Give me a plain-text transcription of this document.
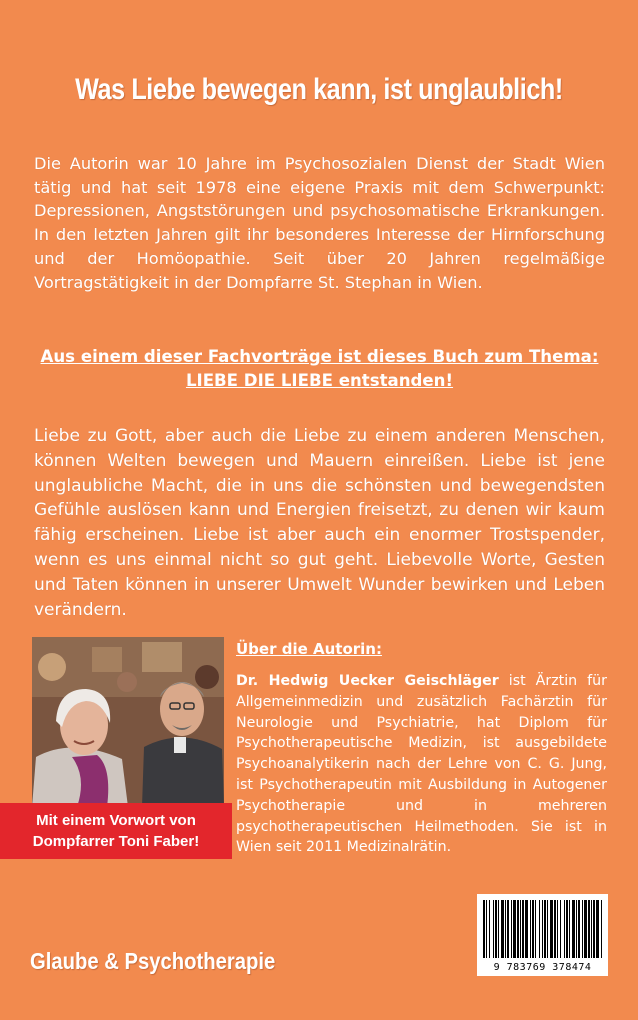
Was Liebe bewegen kann, ist unglaublich!

Die Autorin war 10 Jahre im Psychosozialen Dienst der Stadt Wien tätig und hat seit 1978 eine eigene Praxis mit dem Schwerpunkt: Depressionen, Angststörungen und psychosomatische Erkrankungen. In den letzten Jahren gilt ihr besonderes Interesse der Hirnforschung und der Homöopathie. Seit über 20 Jahren regelmäßige Vortragstätigkeit in der Dompfarre St. Stephan in Wien.

Aus einem dieser Fachvorträge ist dieses Buch zum Thema: LIEBE DIE LIEBE entstanden!

Liebe zu Gott, aber auch die Liebe zu einem anderen Menschen, können Welten bewegen und Mauern einreißen. Liebe ist jene unglaubliche Macht, die in uns die schönsten und bewegendsten Gefühle auslösen kann und Energien freisetzt, zu denen wir kaum fähig erscheinen. Liebe ist aber auch ein enormer Trostspender, wenn es uns einmal nicht so gut geht. Liebevolle Worte, Gesten und Taten können in unserer Umwelt Wunder bewirken und Leben verändern.

Mit einem Vorwort von
Dompfarrer Toni Faber!

Über die Autorin:

Dr. Hedwig Uecker Geischläger ist Ärztin für Allgemeinmedizin und zusätzlich Fachärztin für Neurologie und Psychiatrie, hat Diplom für Psychotherapeutische Medizin, ist ausgebildete Psychoanalytikerin nach der Lehre von C. G. Jung, ist Psychotherapeutin mit Ausbildung in Autogener Psychotherapie und in mehreren psychotherapeutischen Heilmethoden. Sie ist in Wien seit 2011 Medizinalrätin.

Glaube & Psychotherapie	9 783769 378474
